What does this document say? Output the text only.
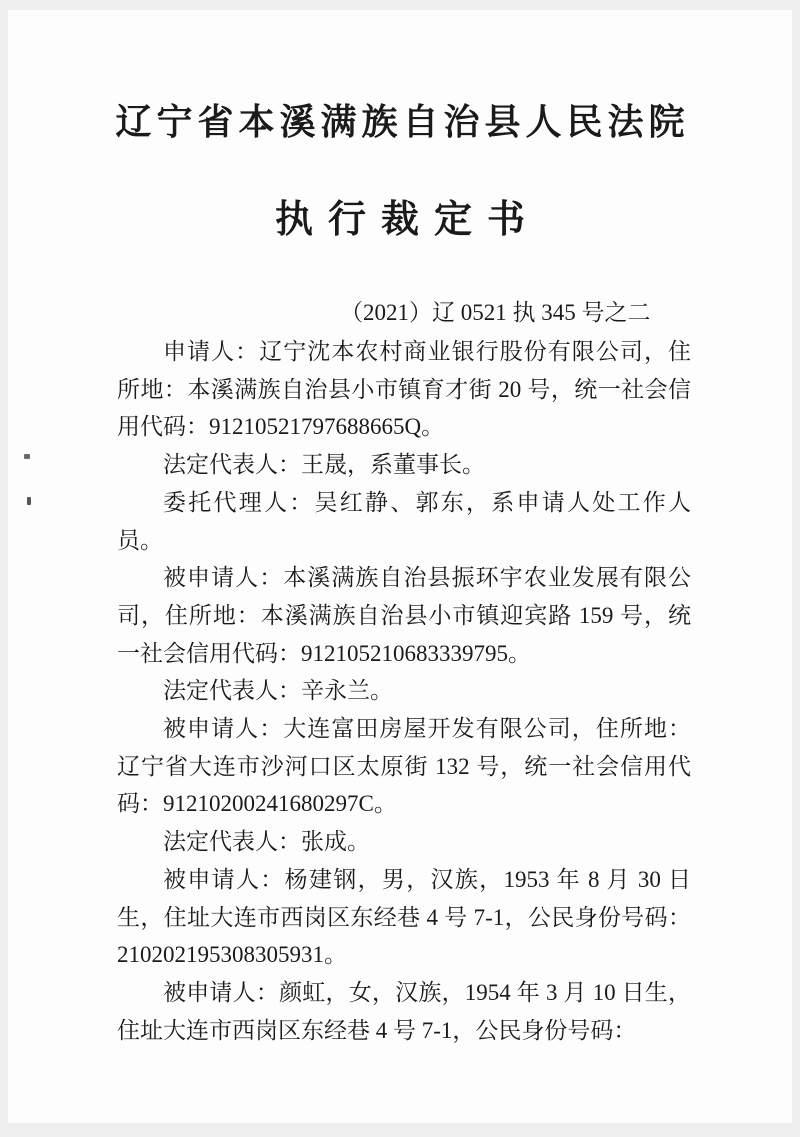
辽宁省本溪满族自治县人民法院
执行裁定书
（2021）辽 0521 执 345 号之二

申请人：辽宁沈本农村商业银行股份有限公司，住所地：本溪满族自治县小市镇育才街 20 号，统一社会信用代码：91210521797688665Q。

法定代表人：王晟，系董事长。

委托代理人：吴红静、郭东，系申请人处工作人员。

被申请人：本溪满族自治县振环宇农业发展有限公司，住所地：本溪满族自治县小市镇迎宾路 159 号，统一社会信用代码：912105210683339795。

法定代表人：辛永兰。

被申请人：大连富田房屋开发有限公司，住所地：辽宁省大连市沙河口区太原街 132 号，统一社会信用代码：91210200241680297C。

法定代表人：张成。

被申请人：杨建钢，男，汉族，1953 年 8 月 30 日生，住址大连市西岗区东经巷 4 号 7-1，公民身份号码：210202195308305931。

被申请人：颜虹，女，汉族，1954 年 3 月 10 日生，住址大连市西岗区东经巷 4 号 7-1，公民身份号码：
